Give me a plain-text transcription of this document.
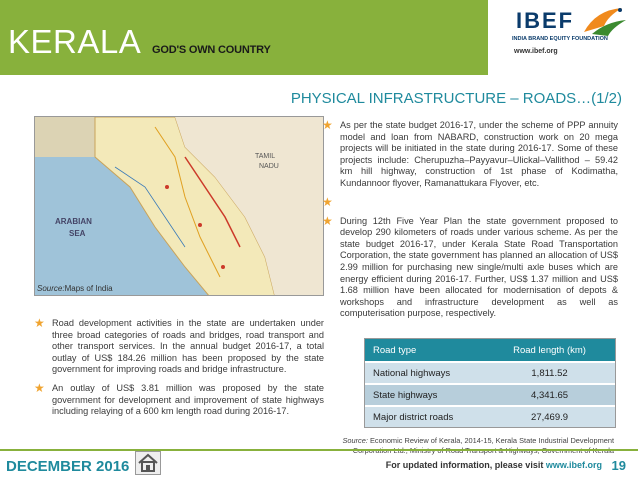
KERALA GOD'S OWN COUNTRY
IBEF
INDIA BRAND EQUITY FOUNDATION
www.ibef.org
PHYSICAL INFRASTRUCTURE – ROADS…(1/2)
TAMIL
NADU
ARABIAN
SEA
Source:Maps of India
★ As per the state budget 2016-17, under the scheme of PPP annuity model and loan from NABARD, construction work on 20 mega projects will be initiated in the state during 2016-17. Some of these projects include: Cherupuzha–Payyavur–Ulickal–Vallithod – 59.42 km hill highway, construction of 1st phase of Kodimatha, Kundannoor flyover, Ramanattukara Flyover, etc.
★
★ During 12th Five Year Plan the state government proposed to develop 290 kilometers of roads under various scheme. As per the state budget 2016-17, under Kerala State Road Transportation Corporation, the state government has planned an allocation of US$ 2.99 million for purchasing new single/multi axle buses which are energy efficient during 2016-17. Further, US$ 1.37 million and US$ 1.68 million have been allocated for modernisation of depots & workshops and infrastructure development as well as computerisation purpose, respectively.
★ Road development activities in the state are undertaken under three broad categories of roads and bridges, road transport and other transport services. In the annual budget 2016-17, a total outlay of US$ 184.26 million has been proposed by the state government for improving roads and bridge infrastructure.
★ An outlay of US$ 3.81 million was proposed by the state government for development and improvement of state highways including relaying of a 600 km length road during 2016-17.
Road type	Road length (km)
National highways	1,811.52
State highways	4,341.65
Major district roads	27,469.9
Source: Economic Review of Kerala, 2014-15, Kerala State Industrial Development
DECEMBER 2016	For updated information, please visit www.ibef.org 19
